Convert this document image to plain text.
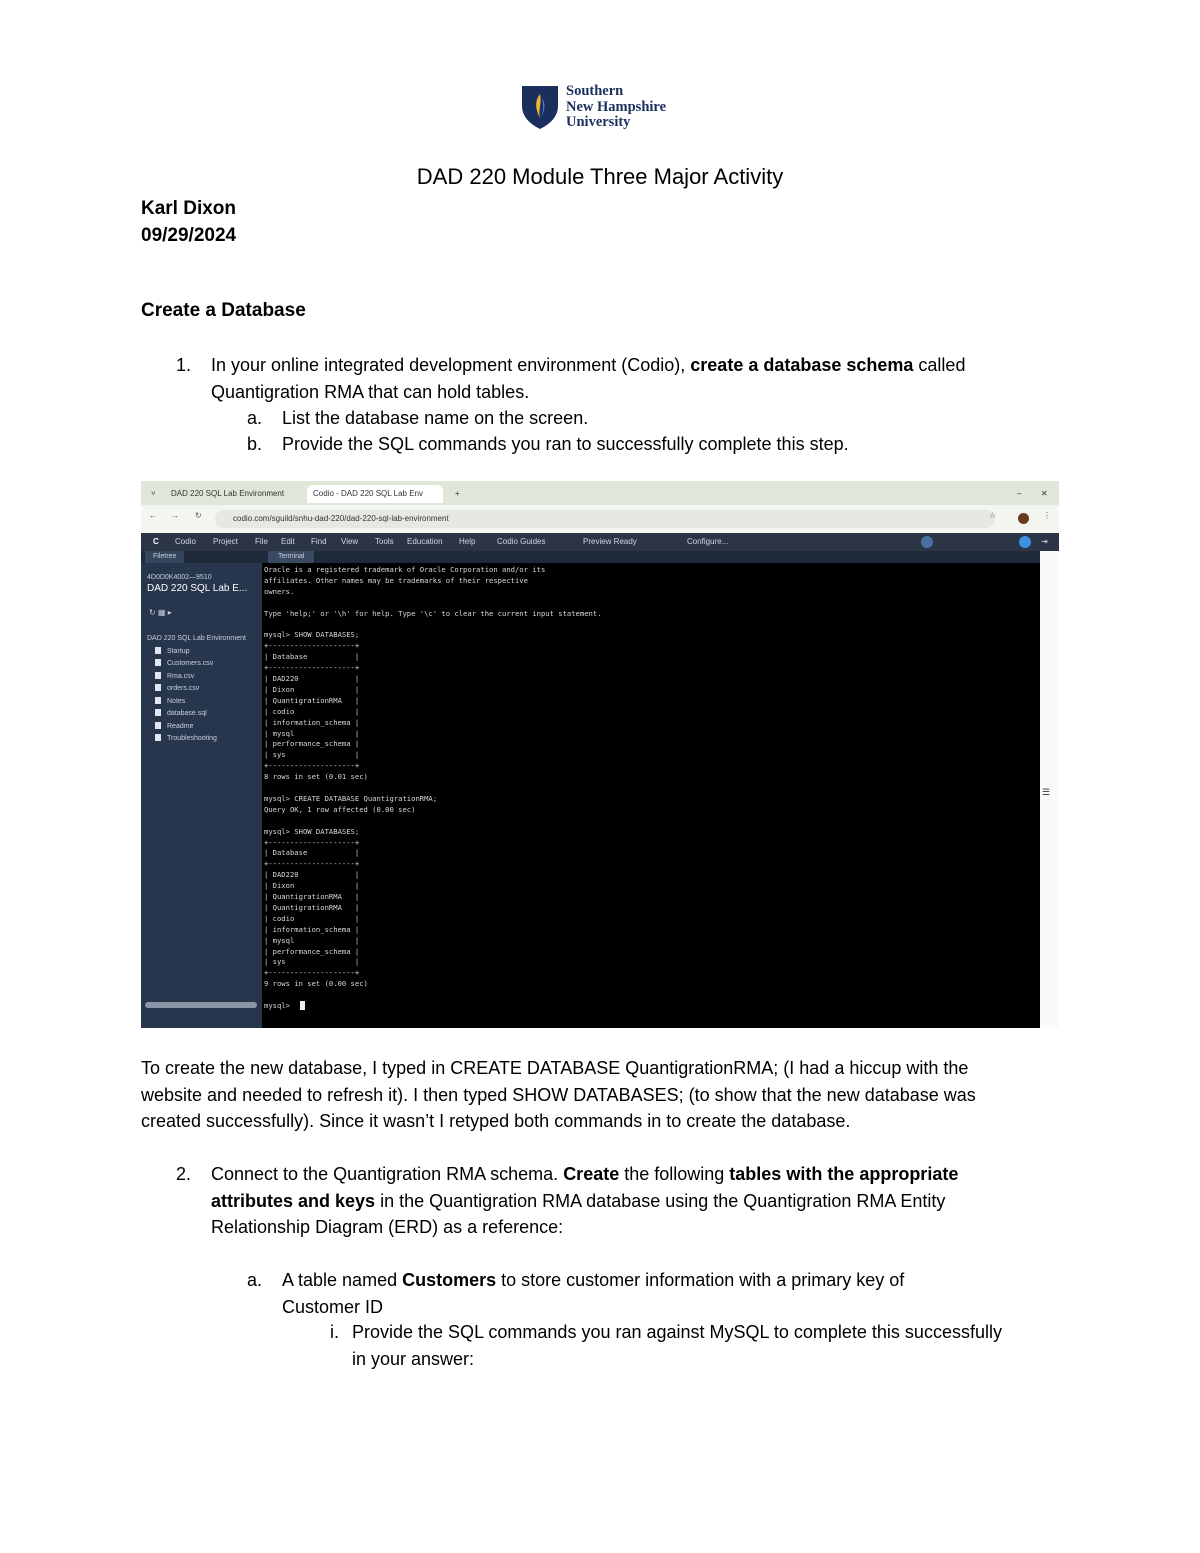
Southern
New Hampshire
University
DAD 220 Module Three Major Activity
Karl Dixon
09/29/2024
Create a Database
1. In your online integrated development environment (Codio), create a database schema called
Quantigration RMA that can hold tables.
a. List the database name on the screen.
b. Provide the SQL commands you ran to successfully complete this step.
˅	DAD 220 SQL Lab Environment	Codio - DAD 220 SQL Lab Env	+	–	✕
← → ↻	codio.com/sguild/snhu-dad-220/dad-220-sql-lab-environment	☆	⋮
C Codio Project File Edit Find View Tools Education Help	Codio Guides	Preview Ready	Configure...	⇥
Filetree
4D0D0K4002—9510
DAD 220 SQL Lab E...
↻ ▦ ▸
DAD 220 SQL Lab Environment
Startup
Customers.csv
Rma.csv
orders.csv
Notes
database.sql
Readme
Troubleshooting
Terminal
Oracle is a registered trademark of Oracle Corporation and/or its
affiliates. Other names may be trademarks of their respective
owners.
Type 'help;' or '\h' for help. Type '\c' to clear the current input statement.
mysql> SHOW DATABASES;
+--------------------+
| Database           |
+--------------------+
| DAD220             |
| Dixon              |
| QuantigrationRMA   |
| codio              |
| information_schema |
| mysql              |
| performance_schema |
| sys                |
+--------------------+
8 rows in set (0.01 sec)
mysql> CREATE DATABASE QuantigrationRMA;
Query OK, 1 row affected (0.00 sec)
mysql> SHOW DATABASES;
+--------------------+
| Database           |
+--------------------+
| DAD220             |
| Dixon              |
| QuantigrationRMA   |
| QuantigrationRMA   |
| codio              |
| information_schema |
| mysql              |
| performance_schema |
| sys                |
+--------------------+
9 rows in set (0.00 sec)
mysql>
☰
To create the new database, I typed in CREATE DATABASE QuantigrationRMA; (I had a hiccup with the
website and needed to refresh it). I then typed SHOW DATABASES; (to show that the new database was
created successfully). Since it wasn’t I retyped both commands in to create the database.
2. Connect to the Quantigration RMA schema. Create the following tables with the appropriate
attributes and keys in the Quantigration RMA database using the Quantigration RMA Entity
Relationship Diagram (ERD) as a reference:
a. A table named Customers to store customer information with a primary key of
Customer ID
i. Provide the SQL commands you ran against MySQL to complete this successfully
in your answer:
